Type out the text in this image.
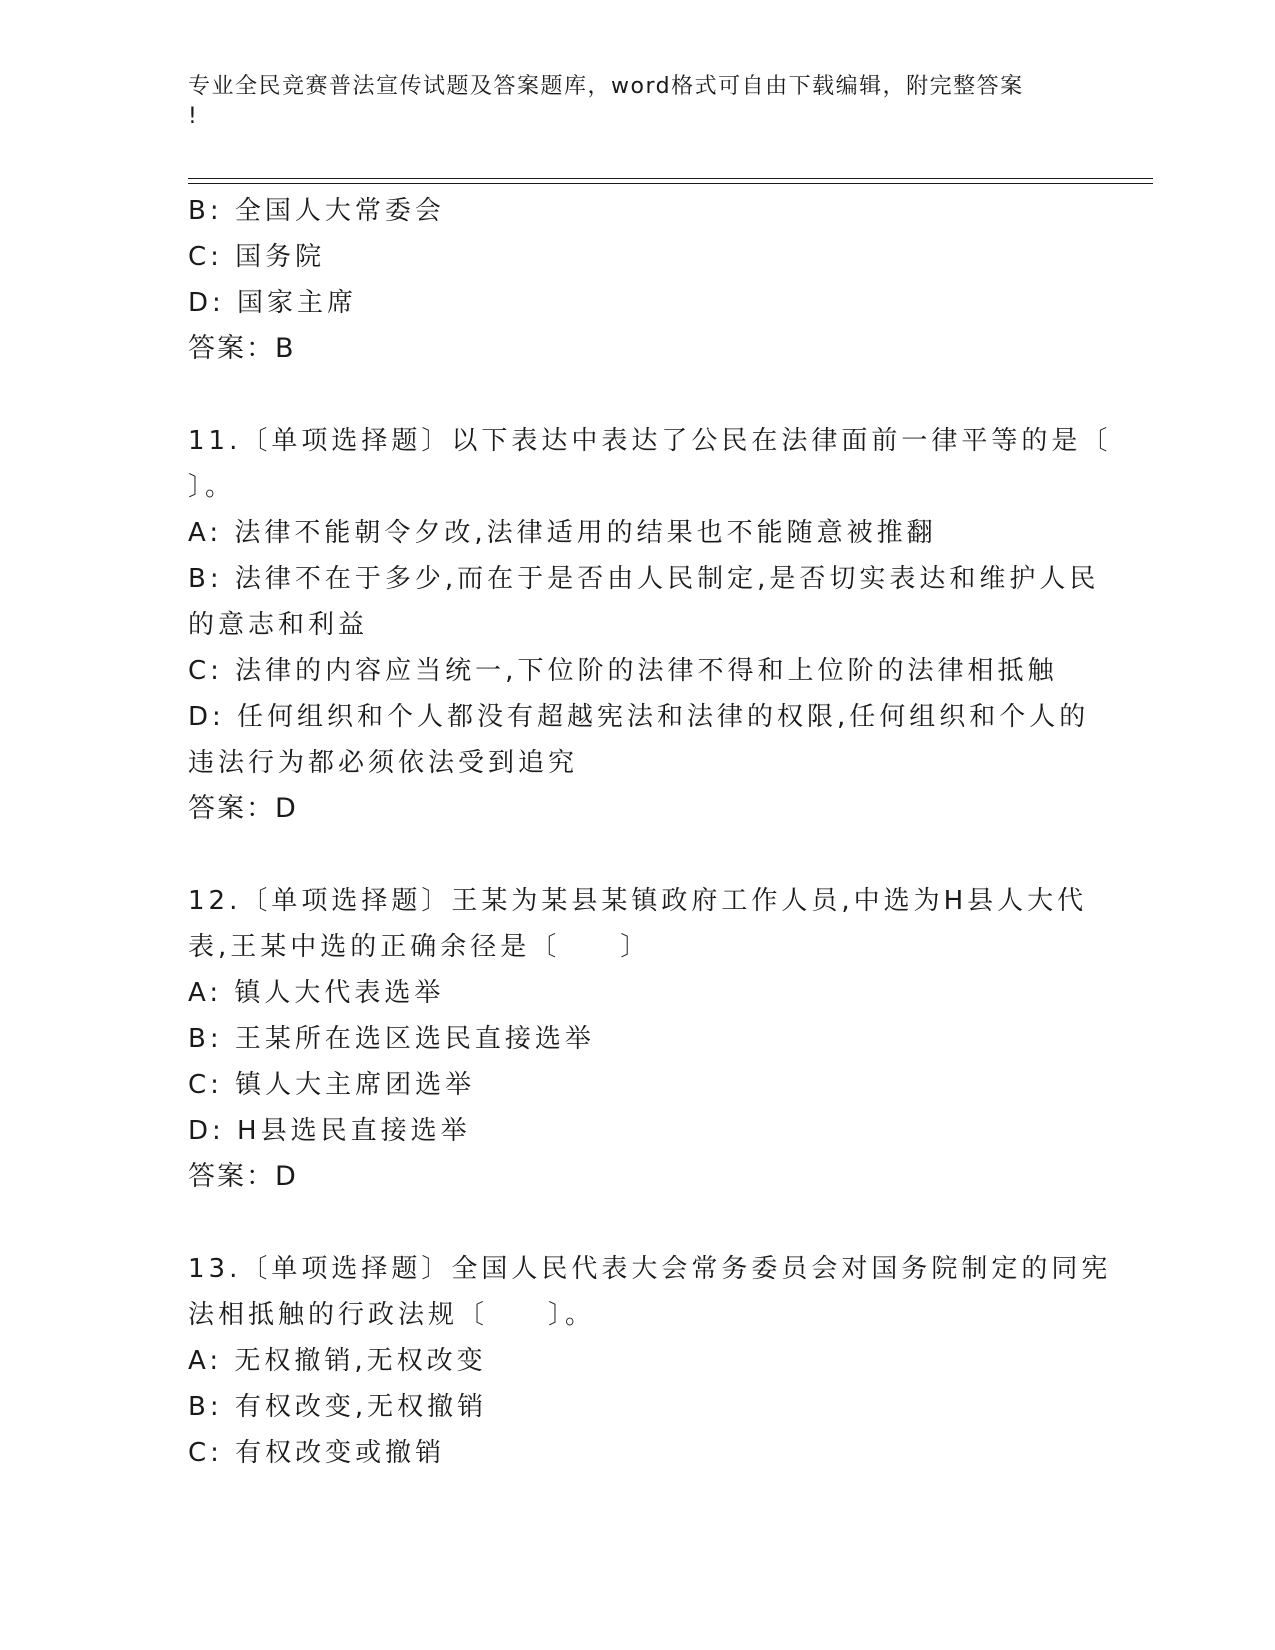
专业全民竞赛普法宣传试题及答案题库，word格式可自由下载编辑，附完整答案
!
B: 全国人大常委会
C: 国务院
D: 国家主席
答案：B
11.〔单项选择题〕以下表达中表达了公民在法律面前一律平等的是〔
〕。
A: 法律不能朝令夕改,法律适用的结果也不能随意被推翻
B: 法律不在于多少,而在于是否由人民制定,是否切实表达和维护人民
的意志和利益
C: 法律的内容应当统一,下位阶的法律不得和上位阶的法律相抵触
D: 任何组织和个人都没有超越宪法和法律的权限,任何组织和个人的
违法行为都必须依法受到追究
答案：D
12.〔单项选择题〕王某为某县某镇政府工作人员,中选为H县人大代
表,王某中选的正确余径是〔　　〕
A: 镇人大代表选举
B: 王某所在选区选民直接选举
C: 镇人大主席团选举
D: H县选民直接选举
答案：D
13.〔单项选择题〕全国人民代表大会常务委员会对国务院制定的同宪
法相抵触的行政法规〔　　〕。
A: 无权撤销,无权改变
B: 有权改变,无权撤销
C: 有权改变或撤销
